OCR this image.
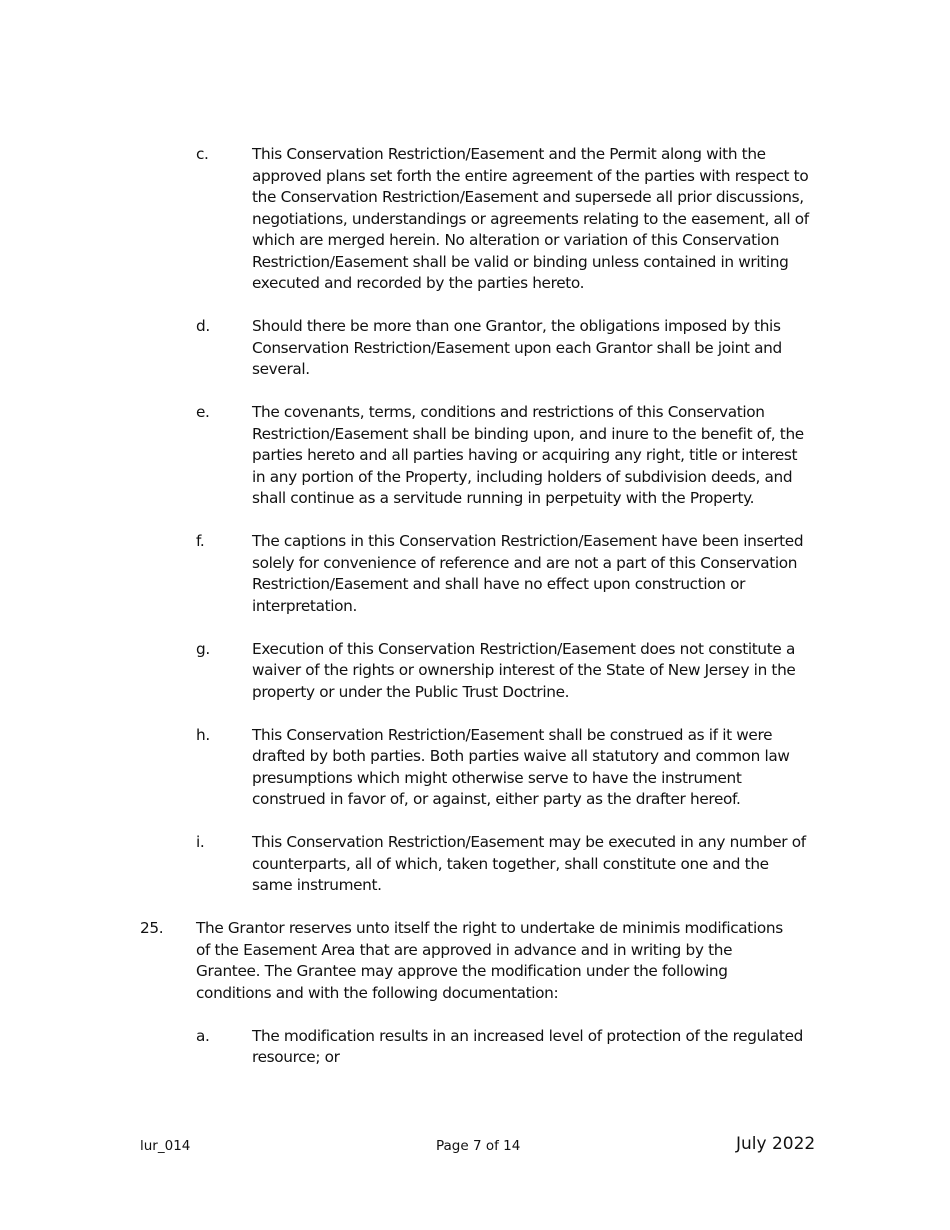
c.	This Conservation Restriction/Easement and the Permit along with the approved plans set forth the entire agreement of the parties with respect to the Conservation Restriction/Easement and supersede all prior discussions, negotiations, understandings or agreements relating to the easement, all of which are merged herein. No alteration or variation of this Conservation Restriction/Easement shall be valid or binding unless contained in writing executed and recorded by the parties hereto.
d.	Should there be more than one Grantor, the obligations imposed by this Conservation Restriction/Easement upon each Grantor shall be joint and several.
e.	The covenants, terms, conditions and restrictions of this Conservation Restriction/Easement shall be binding upon, and inure to the benefit of, the parties hereto and all parties having or acquiring any right, title or interest in any portion of the Property, including holders of subdivision deeds, and shall continue as a servitude running in perpetuity with the Property.
f.	The captions in this Conservation Restriction/Easement have been inserted solely for convenience of reference and are not a part of this Conservation Restriction/Easement and shall have no effect upon construction or interpretation.
g.	Execution of this Conservation Restriction/Easement does not constitute a waiver of the rights or ownership interest of the State of New Jersey in the property or under the Public Trust Doctrine.
h.	This Conservation Restriction/Easement shall be construed as if it were drafted by both parties. Both parties waive all statutory and common law presumptions which might otherwise serve to have the instrument construed in favor of, or against, either party as the drafter hereof.
i.	This Conservation Restriction/Easement may be executed in any number of counterparts, all of which, taken together, shall constitute one and the same instrument.
25. The Grantor reserves unto itself the right to undertake de minimis modifications of the Easement Area that are approved in advance and in writing by the Grantee. The Grantee may approve the modification under the following conditions and with the following documentation:
a.	The modification results in an increased level of protection of the regulated resource; or
lur_014	Page 7 of 14	July 2022
